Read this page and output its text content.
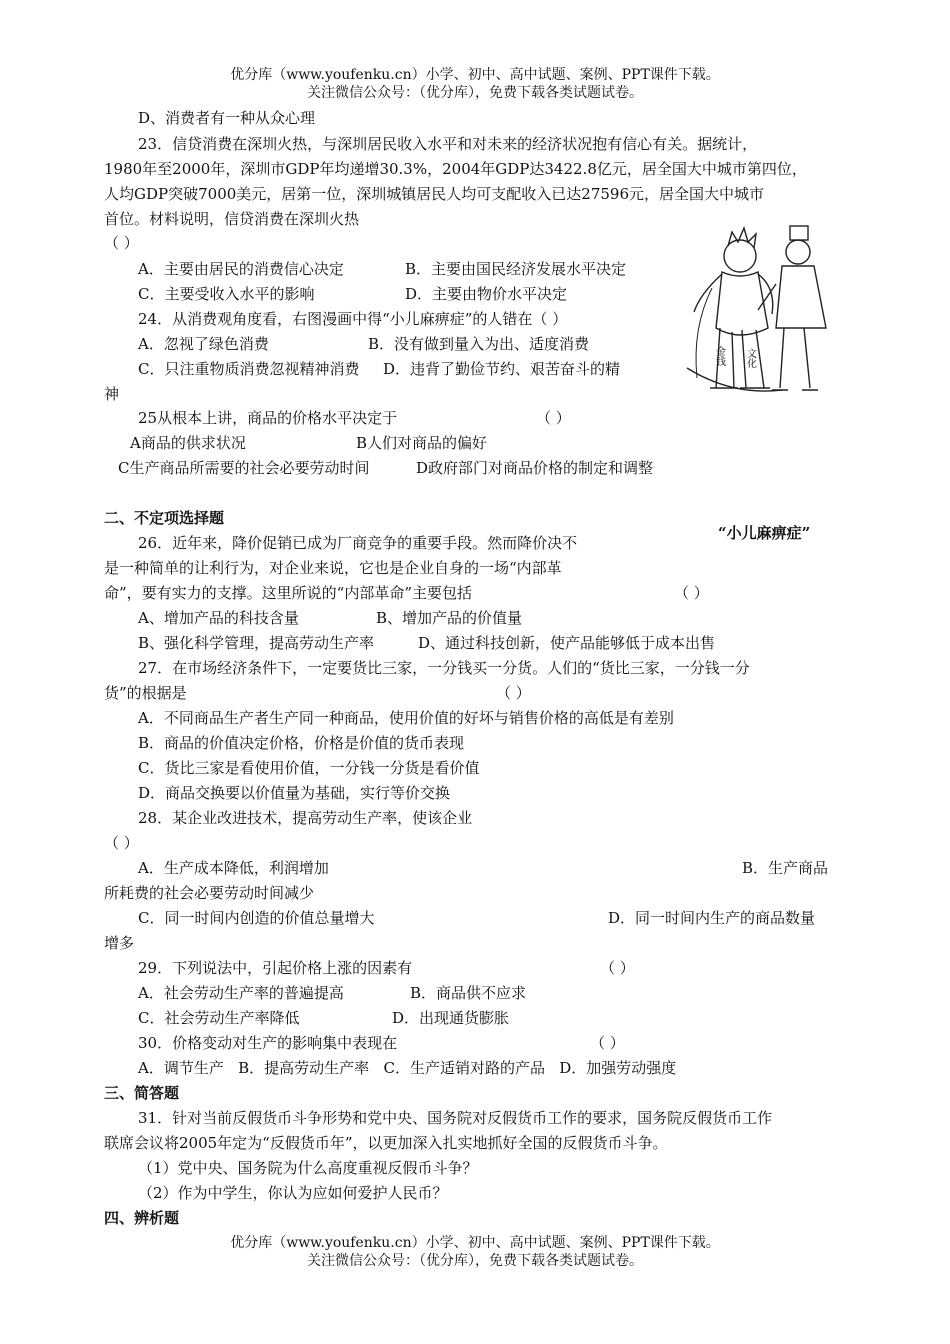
优分库（www.youfenku.cn）小学、初中、高中试题、案例、PPT课件下载。
关注微信公众号：（优分库），免费下载各类试题试卷。
D、消费者有一种从众心理
23．信贷消费在深圳火热，与深圳居民收入水平和对未来的经济状况抱有信心有关。据统计，
1980年至2000年，深圳市GDP年均递增30.3%，2004年GDP达3422.8亿元，居全国大中城市第四位，
人均GDP突破7000美元，居第一位，深圳城镇居民人均可支配收入已达27596元，居全国大中城市
首位。材料说明，信贷消费在深圳火热
（ ）
A．主要由居民的消费信心决定	B．主要由国民经济发展水平决定
C．主要受收入水平的影响	D．主要由物价水平决定
24．从消费观角度看，右图漫画中得“小儿麻痹症”的人错在（ ）
A．忽视了绿色消费	B．没有做到量入为出、适度消费
C．只注重物质消费忽视精神消费 D．违背了勤俭节约、艰苦奋斗的精
神
金钱 文化
25从根本上讲，商品的价格水平决定于	（ ）
A商品的供求状况	B人们对商品的偏好
C生产商品所需要的社会必要劳动时间	D政府部门对商品价格的制定和调整
二、不定项选择题
“小儿麻痹症”
26．近年来，降价促销已成为厂商竞争的重要手段。然而降价决不
是一种简单的让利行为，对企业来说，它也是企业自身的一场“内部革
命”，要有实力的支撑。这里所说的“内部革命”主要包括	（ ）
A、增加产品的科技含量	B、增加产品的价值量
B、强化科学管理，提高劳动生产率	D、通过科技创新，使产品能够低于成本出售
27．在市场经济条件下，一定要货比三家，一分钱买一分货。人们的“货比三家，一分钱一分
货”的根据是	（ ）
A．不同商品生产者生产同一种商品，使用价值的好坏与销售价格的高低是有差别
B．商品的价值决定价格，价格是价值的货币表现
C．货比三家是看使用价值，一分钱一分货是看价值
D．商品交换要以价值量为基础，实行等价交换
28．某企业改进技术，提高劳动生产率，使该企业
（ ）
A．生产成本降低，利润增加	B．生产商品
所耗费的社会必要劳动时间减少
C．同一时间内创造的价值总量增大	D．同一时间内生产的商品数量
增多
29．下列说法中，引起价格上涨的因素有	（ ）
A．社会劳动生产率的普遍提高	B．商品供不应求
C．社会劳动生产率降低	D．出现通货膨胀
30．价格变动对生产的影响集中表现在	（ ）
A．调节生产   B．提高劳动生产率   C．生产适销对路的产品   D．加强劳动强度
三、简答题
31．针对当前反假货币斗争形势和党中央、国务院对反假货币工作的要求，国务院反假货币工作
联席会议将2005年定为“反假货币年”，以更加深入扎实地抓好全国的反假货币斗争。
（1）党中央、国务院为什么高度重视反假币斗争？
（2）作为中学生，你认为应如何爱护人民币？
四、辨析题
优分库（www.youfenku.cn）小学、初中、高中试题、案例、PPT课件下载。
关注微信公众号：（优分库），免费下载各类试题试卷。
